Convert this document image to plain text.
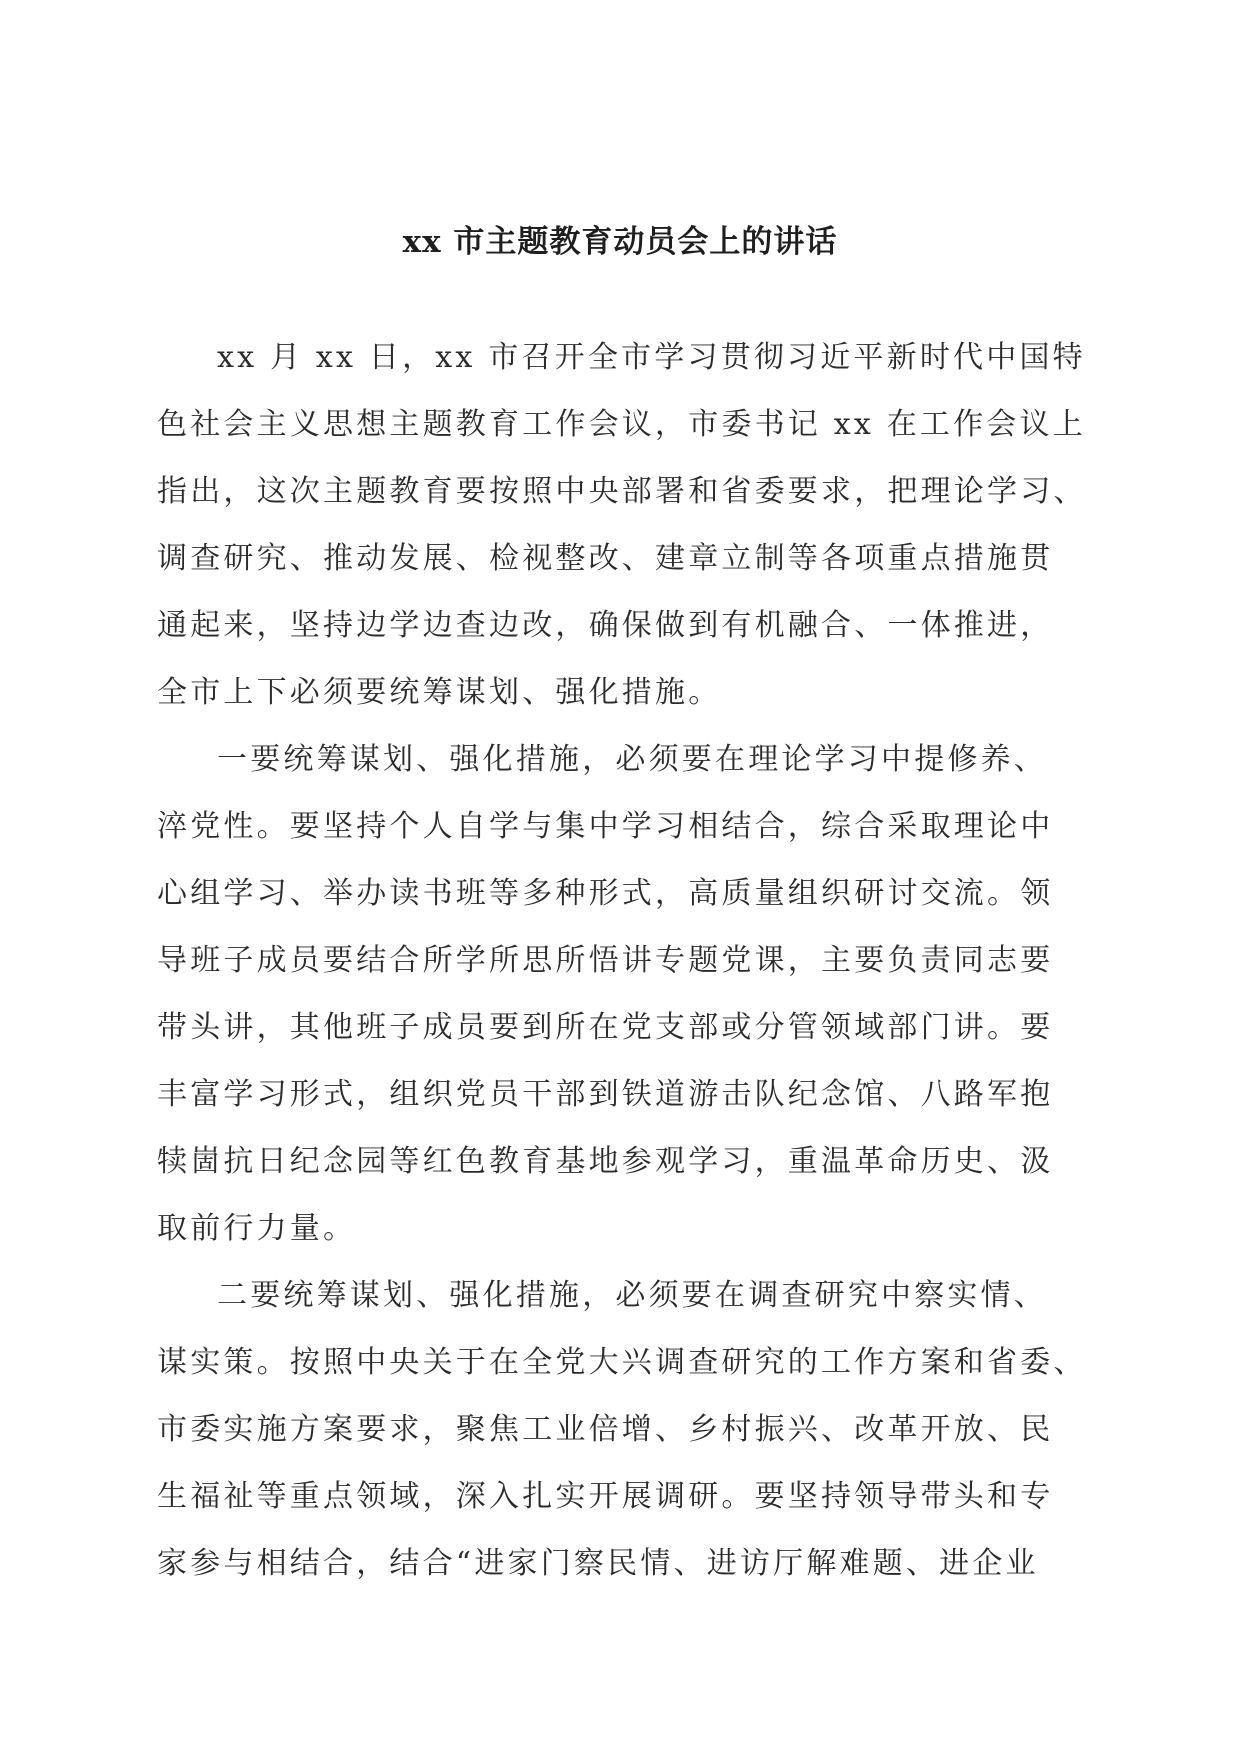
xx 市主题教育动员会上的讲话
xx 月 xx 日，xx 市召开全市学习贯彻习近平新时代中国特
色社会主义思想主题教育工作会议，市委书记 xx 在工作会议上
指出，这次主题教育要按照中央部署和省委要求，把理论学习、
调查研究、推动发展、检视整改、建章立制等各项重点措施贯
通起来，坚持边学边查边改，确保做到有机融合、一体推进，
全市上下必须要统筹谋划、强化措施。
一要统筹谋划、强化措施，必须要在理论学习中提修养、
淬党性。要坚持个人自学与集中学习相结合，综合采取理论中
心组学习、举办读书班等多种形式，高质量组织研讨交流。领
导班子成员要结合所学所思所悟讲专题党课，主要负责同志要
带头讲，其他班子成员要到所在党支部或分管领域部门讲。要
丰富学习形式，组织党员干部到铁道游击队纪念馆、八路军抱
犊崮抗日纪念园等红色教育基地参观学习，重温革命历史、汲
取前行力量。
二要统筹谋划、强化措施，必须要在调查研究中察实情、
谋实策。按照中央关于在全党大兴调查研究的工作方案和省委、
市委实施方案要求，聚焦工业倍增、乡村振兴、改革开放、民
生福祉等重点领域，深入扎实开展调研。要坚持领导带头和专
家参与相结合，结合“进家门察民情、进访厅解难题、进企业
